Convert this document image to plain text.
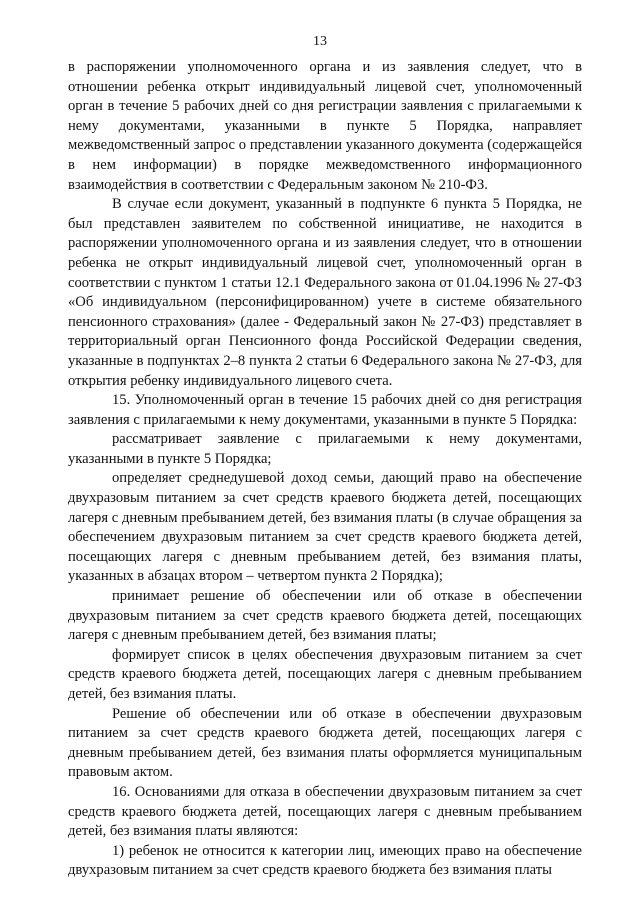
13

в распоряжении уполномоченного органа и из заявления следует, что в отношении ребенка открыт индивидуальный лицевой счет, уполномоченный орган в течение 5 рабочих дней со дня регистрации заявления с прилагаемыми к нему документами, указанными в пункте 5 Порядка, направляет межведомственный запрос о представлении указанного документа (содержащейся в нем информации) в порядке межведомственного информационного взаимодействия в соответствии с Федеральным законом № 210-ФЗ.

В случае если документ, указанный в подпункте 6 пункта 5 Порядка, не был представлен заявителем по собственной инициативе, не находится в распоряжении уполномоченного органа и из заявления следует, что в отношении ребенка не открыт индивидуальный лицевой счет, уполномоченный орган в соответствии с пунктом 1 статьи 12.1 Федерального закона от 01.04.1996 № 27-ФЗ «Об индивидуальном (персонифицированном) учете в системе обязательного пенсионного страхования» (далее - Федеральный закон № 27-ФЗ) представляет в территориальный орган Пенсионного фонда Российской Федерации сведения, указанные в подпунктах 2–8 пункта 2 статьи 6 Федерального закона № 27-ФЗ, для открытия ребенку индивидуального лицевого счета.

15. Уполномоченный орган в течение 15 рабочих дней со дня регистрация заявления с прилагаемыми к нему документами, указанными в пункте 5 Порядка:

рассматривает заявление с прилагаемыми к нему документами, указанными в пункте 5 Порядка;

определяет среднедушевой доход семьи, дающий право на обеспечение двухразовым питанием за счет средств краевого бюджета детей, посещающих лагеря с дневным пребыванием детей, без взимания платы (в случае обращения за обеспечением двухразовым питанием за счет средств краевого бюджета детей, посещающих лагеря с дневным пребыванием детей, без взимания платы, указанных в абзацах втором – четвертом пункта 2 Порядка);

принимает решение об обеспечении или об отказе в обеспечении двухразовым питанием за счет средств краевого бюджета детей, посещающих лагеря с дневным пребыванием детей, без взимания платы;

формирует список в целях обеспечения двухразовым питанием за счет средств краевого бюджета детей, посещающих лагеря с дневным пребыванием детей, без взимания платы.

Решение об обеспечении или об отказе в обеспечении двухразовым питанием за счет средств краевого бюджета детей, посещающих лагеря с дневным пребыванием детей, без взимания платы оформляется муниципальным правовым актом.

16. Основаниями для отказа в обеспечении двухразовым питанием за счет средств краевого бюджета детей, посещающих лагеря с дневным пребыванием детей, без взимания платы являются:

1) ребенок не относится к категории лиц, имеющих право на обеспечение двухразовым питанием за счет средств краевого бюджета без взимания платы
